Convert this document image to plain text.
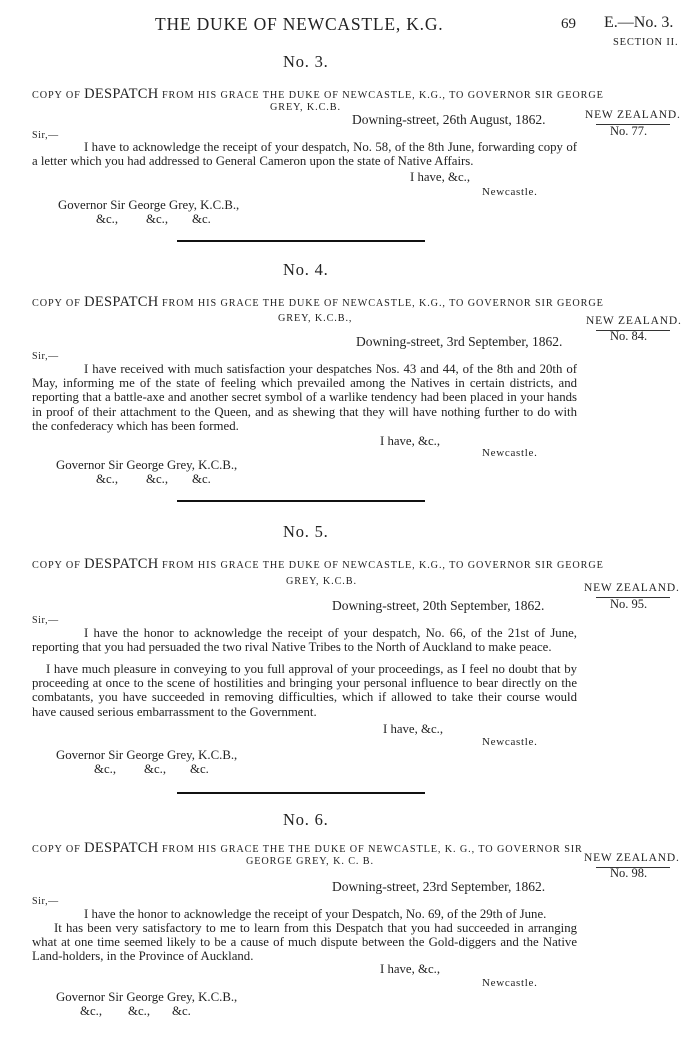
THE DUKE OF NEWCASTLE, K.G.	69 E.—No. 3.
SECTION II.
No. 3.
COPY OF DESPATCH FROM HIS GRACE THE DUKE OF NEWCASTLE, K.G., TO GOVERNOR SIR GEORGE
GREY, K.C.B.
Downing-street, 26th August, 1862.
Sir,—
I have to acknowledge the receipt of your despatch, No. 58, of the 8th June, forwarding copy of a letter which you had addressed to General Cameron upon the state of Native Affairs.
I have, &c.,
Newcastle.
Governor Sir George Grey, K.C.B.,
&c., &c., &c.
NEW ZEALAND.
No. 77.
No. 4.
COPY OF DESPATCH FROM HIS GRACE THE DUKE OF NEWCASTLE, K.G., TO GOVERNOR SIR GEORGE
GREY, K.C.B.,
Downing-street, 3rd September, 1862.
Sir,—
I have received with much satisfaction your despatches Nos. 43 and 44, of the 8th and 20th of May, informing me of the state of feeling which prevailed among the Natives in certain districts, and reporting that a battle-axe and another secret symbol of a warlike tendency had been placed in your hands in proof of their attachment to the Queen, and as shewing that they will have nothing further to do with the confederacy which has been formed.
I have, &c.,
Newcastle.
Governor Sir George Grey, K.C.B.,
&c., &c., &c.
NEW ZEALAND.
No. 84.
No. 5.
COPY OF DESPATCH FROM HIS GRACE THE DUKE OF NEWCASTLE, K.G., TO GOVERNOR SIR GEORGE
GREY, K.C.B.
Downing-street, 20th September, 1862.
Sir,—
I have the honor to acknowledge the receipt of your despatch, No. 66, of the 21st of June, reporting that you had persuaded the two rival Native Tribes to the North of Auckland to make peace.
I have much pleasure in conveying to you full approval of your proceedings, as I feel no doubt that by proceeding at once to the scene of hostilities and bringing your personal influence to bear directly on the combatants, you have succeeded in removing difficulties, which if allowed to take their course would have caused serious embarrassment to the Government.
I have, &c.,
Newcastle.
Governor Sir George Grey, K.C.B.,
&c., &c., &c.
NEW ZEALAND.
No. 95.
No. 6.
COPY OF DESPATCH FROM HIS GRACE THE THE DUKE OF NEWCASTLE, K. G., TO GOVERNOR SIR
GEORGE GREY, K. C. B.
Downing-street, 23rd September, 1862.
Sir,—
I have the honor to acknowledge the receipt of your Despatch, No. 69, of the 29th of June.
It has been very satisfactory to me to learn from this Despatch that you had succeeded in arranging what at one time seemed likely to be a cause of much dispute between the Gold-diggers and the Native Land-holders, in the Province of Auckland.
I have, &c.,
Newcastle.
Governor Sir George Grey, K.C.B.,
&c., &c., &c.
NEW ZEALAND.
No. 98.
